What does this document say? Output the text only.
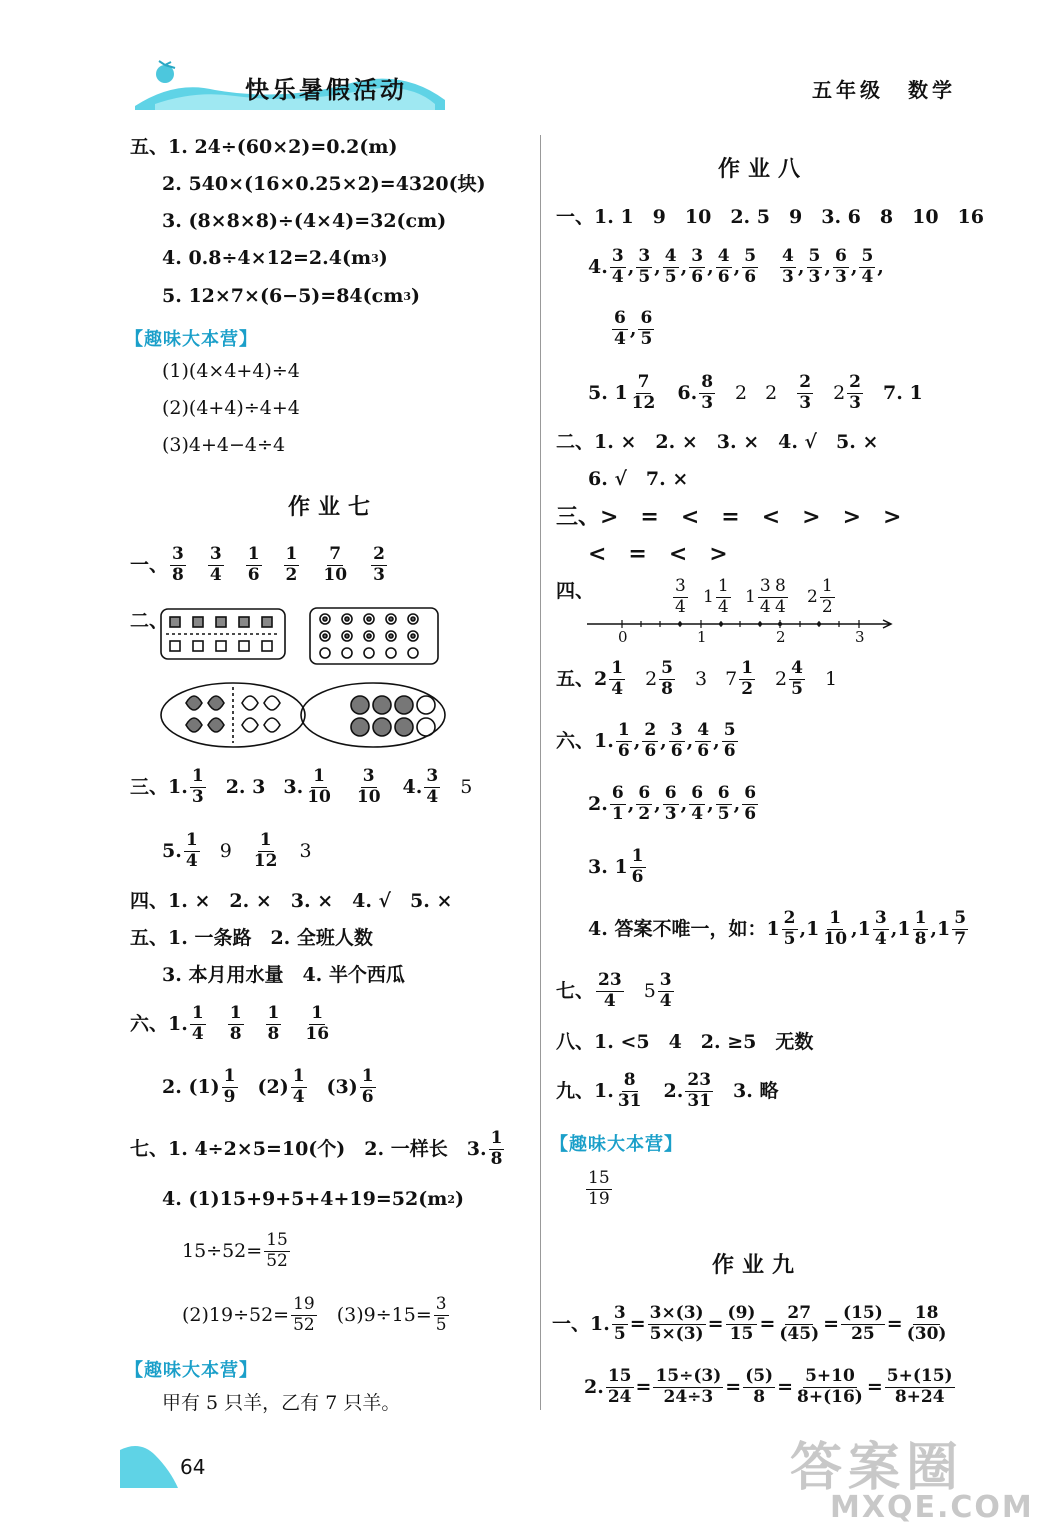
快乐暑假活动	五年级　数学
五、1. 24÷(60×2)=0.2(m)
2. 540×(16×0.25×2)=4320(块)
3. (8×8×8)÷(4×4)=32(cm)
4. 0.8÷4×12=2.4(m 3 )
5. 12×7×(6−5)=84(cm 3 )
【趣味大本营】
(1)(4×4+4)÷4
(2)(4+4)÷4+4
(3)4+4−4÷4
作业七
一、 $\frac{3}{8} \frac{3}{4} \frac{1}{6} \frac{1}{2} \frac{7}{10} \frac{2}{3}$
二、
三、1. $\frac{1}{3} 2$. 3 3. $\frac{1}{10} \frac{3}{10} 4$. $\frac{3}{4} 5$
5. $\frac{1}{4} 9 \frac{1}{12} 3$
四、1. ×　2. ×　3. ×　4. √　5. ×
五、1. 一条路　2. 全班人数
3. 本月用水量　4. 半个西瓜
六、1. $\frac{1}{4} \frac{1}{8} \frac{1}{8} \frac{1}{16}$
2. $(1) \frac{1}{9} (2) \frac{1}{4} (3) \frac{1}{6}$
七、1. 4÷2×5=10(个)　2. 一样长　3. $\frac{1}{8}$
4. (1)15+9+5+4+19=52(m 2 )
$15\div 52= \frac{15}{52}$
$(2)19\div 52= \frac{19}{52} (3)9\div 15= \frac{3}{5}$
【趣味大本营】
甲有 5 只羊，乙有 7 只羊。
作业八
一、1. 1　9　10　2. 5　9　3. 6　8　10　16
4. $\frac{3}{4}$ , $\frac{3}{5}$ , $\frac{4}{5}$ , $\frac{3}{6}$ , $\frac{4}{6}$ , $\frac{5}{6} \frac{4}{3}$ , $\frac{5}{3}$ , $\frac{6}{3}$ , $\frac{5}{4}$ ,
$\frac{6}{4}$ , $\frac{6}{5}$
5. $1 \frac{7}{12} 6$. $\frac{8}{3} 2$ $2 \frac{2}{3} 2 \frac{2}{3} 7$. 1
二、1. ×　2. ×　3. ×　4. √　5. ×
6. √　7. ×
三、>　=　<　=　<　>　>　>
<　=　<　>
四、
0	1	2	3
$\frac{3}{4} 1 \frac{1}{4} 1 \frac{3}{4} \frac{8}{4} 2 \frac{1}{2}$
五、$2 \frac{1}{4} 2 \frac{5}{8} 3$ $7 \frac{1}{2} 2 \frac{4}{5} 1$
六、1. $\frac{1}{6}$ , $\frac{2}{6}$ , $\frac{3}{6}$ , $\frac{4}{6}$ , $\frac{5}{6}$
2. $\frac{6}{1}$ , $\frac{6}{2}$ , $\frac{6}{3}$ , $\frac{6}{4}$ , $\frac{6}{5}$ , $\frac{6}{6}$
3. $1 \frac{1}{6}$
4. 答案不唯一，如：$1 \frac{2}{5} ,1 \frac{1}{10} ,1 \frac{3}{4} ,1 \frac{1}{8} ,1 \frac{5}{7}$
七、 $\frac{23}{4} 5 \frac{3}{4}$
八、1. <5　4　2. ≥5　无数
九、1. $\frac{8}{31} 2$. $\frac{23}{31} 3$. 略
【趣味大本营】
$\frac{15}{19}$
作业九
一、1. $\frac{3}{5} = \frac{3\times(3)}{5\times(3)} = \frac{(9)}{15} = \frac{27}{(45)} = \frac{(15)}{25} = \frac{18}{(30)}$
2. $\frac{15}{24} = \frac{15\div(3)}{24\div 3} = \frac{(5)}{8} = \frac{5+10}{8+(16)} = \frac{5+(15)}{8+24}$
64	答案圈
MXQE.COM
